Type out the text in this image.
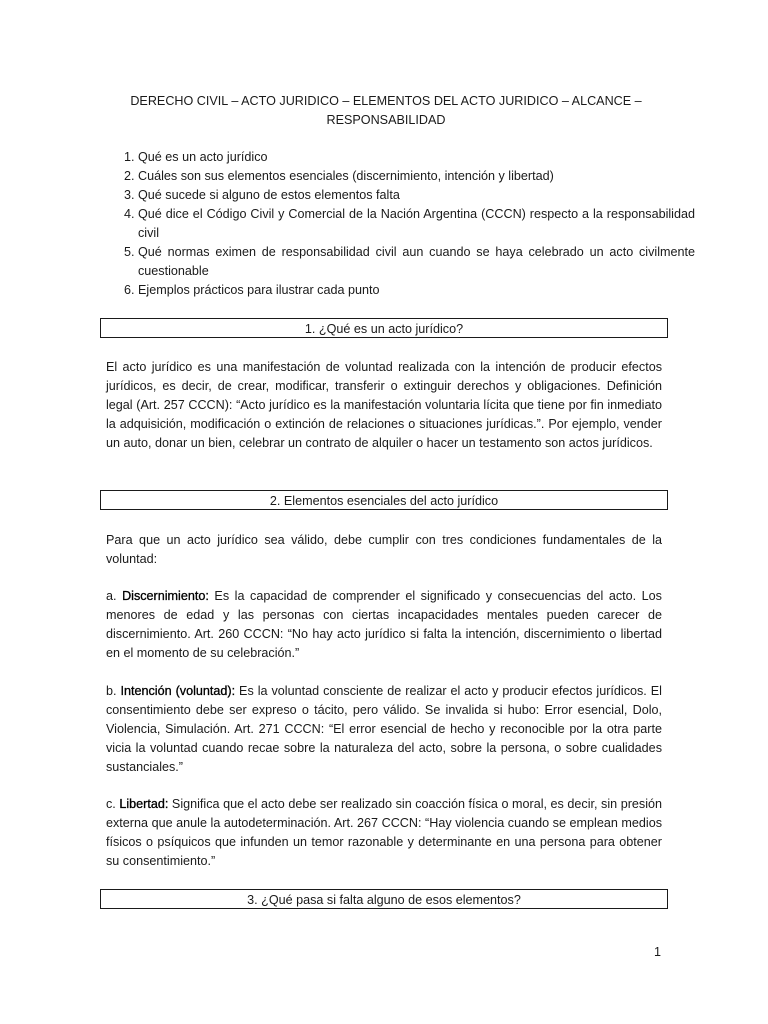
DERECHO CIVIL – ACTO JURIDICO – ELEMENTOS DEL ACTO JURIDICO – ALCANCE – RESPONSABILIDAD
1. Qué es un acto jurídico
2. Cuáles son sus elementos esenciales (discernimiento, intención y libertad)
3. Qué sucede si alguno de estos elementos falta
4. Qué dice el Código Civil y Comercial de la Nación Argentina (CCCN) respecto a la responsabilidad civil
5. Qué normas eximen de responsabilidad civil aun cuando se haya celebrado un acto civilmente cuestionable
6. Ejemplos prácticos para ilustrar cada punto
1. ¿Qué es un acto jurídico?

El acto jurídico es una manifestación de voluntad realizada con la intención de producir efectos jurídicos, es decir, de crear, modificar, transferir o extinguir derechos y obligaciones. Definición legal (Art. 257 CCCN): “Acto jurídico es la manifestación voluntaria lícita que tiene por fin inmediato la adquisición, modificación o extinción de relaciones o situaciones jurídicas.”. Por ejemplo, vender un auto, donar un bien, celebrar un contrato de alquiler o hacer un testamento son actos jurídicos.

2. Elementos esenciales del acto jurídico

Para que un acto jurídico sea válido, debe cumplir con tres condiciones fundamentales de la voluntad:

a. Discernimiento: Es la capacidad de comprender el significado y consecuencias del acto. Los menores de edad y las personas con ciertas incapacidades mentales pueden carecer de discernimiento. Art. 260 CCCN: “No hay acto jurídico si falta la intención, discernimiento o libertad en el momento de su celebración.”

b. Intención (voluntad): Es la voluntad consciente de realizar el acto y producir efectos jurídicos. El consentimiento debe ser expreso o tácito, pero válido. Se invalida si hubo: Error esencial, Dolo, Violencia, Simulación. Art. 271 CCCN: “El error esencial de hecho y reconocible por la otra parte vicia la voluntad cuando recae sobre la naturaleza del acto, sobre la persona, o sobre cualidades sustanciales.”

c. Libertad: Significa que el acto debe ser realizado sin coacción física o moral, es decir, sin presión externa que anule la autodeterminación. Art. 267 CCCN: “Hay violencia cuando se emplean medios físicos o psíquicos que infunden un temor razonable y determinante en una persona para obtener su consentimiento.”

3. ¿Qué pasa si falta alguno de esos elementos?
1
